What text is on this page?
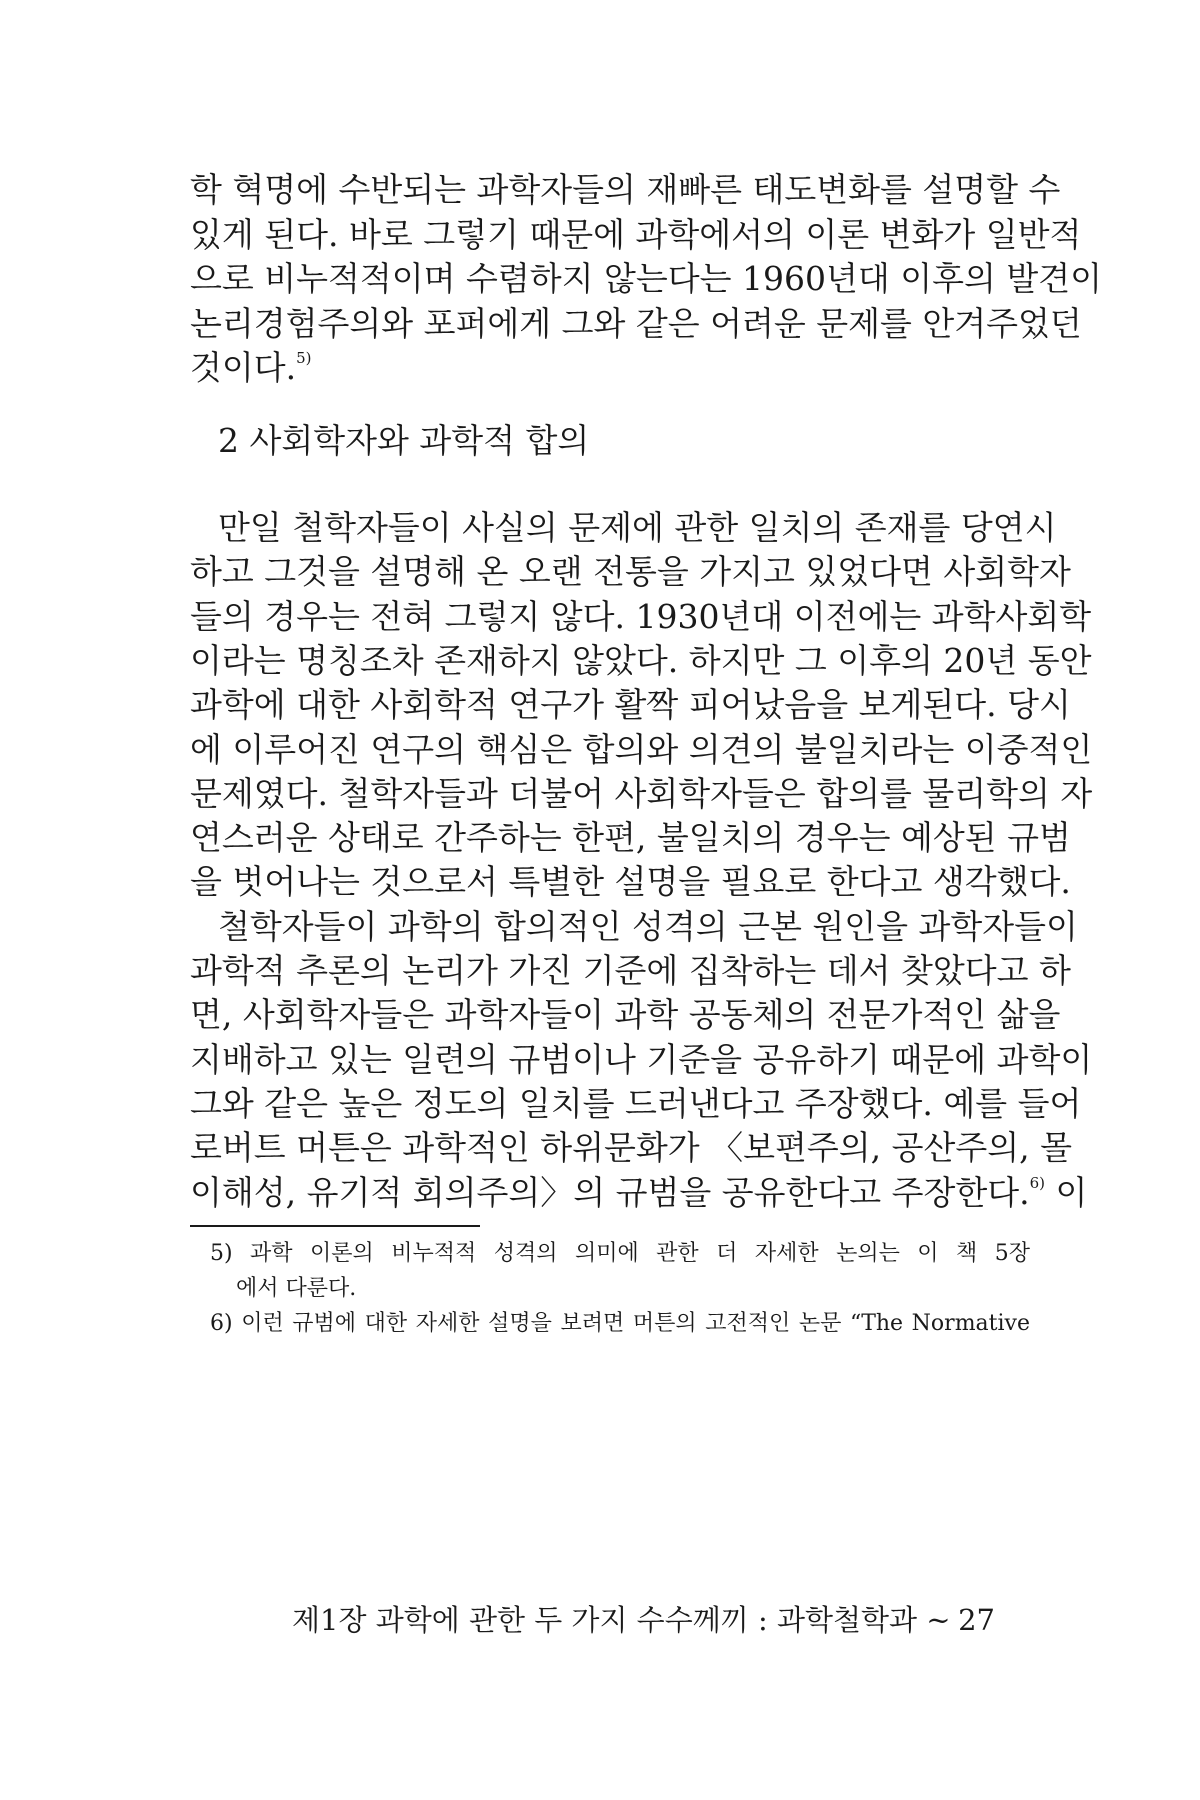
학 혁명에 수반되는 과학자들의 재빠른 태도변화를 설명할 수
있게 된다. 바로 그렇기 때문에 과학에서의 이론 변화가 일반적
으로 비누적적이며 수렴하지 않는다는 1960년대 이후의 발견이
논리경험주의와 포퍼에게 그와 같은 어려운 문제를 안겨주었던
것이다.$^{5)}$
2 사회학자와 과학적 합의
만일 철학자들이 사실의 문제에 관한 일치의 존재를 당연시
하고 그것을 설명해 온 오랜 전통을 가지고 있었다면 사회학자
들의 경우는 전혀 그렇지 않다. 1930년대 이전에는 과학사회학
이라는 명칭조차 존재하지 않았다. 하지만 그 이후의 20년 동안
과학에 대한 사회학적 연구가 활짝 피어났음을 보게된다. 당시
에 이루어진 연구의 핵심은 합의와 의견의 불일치라는 이중적인
문제였다. 철학자들과 더불어 사회학자들은 합의를 물리학의 자
연스러운 상태로 간주하는 한편, 불일치의 경우는 예상된 규범
을 벗어나는 것으로서 특별한 설명을 필요로 한다고 생각했다.
철학자들이 과학의 합의적인 성격의 근본 원인을 과학자들이
과학적 추론의 논리가 가진 기준에 집착하는 데서 찾았다고 하
면, 사회학자들은 과학자들이 과학 공동체의 전문가적인 삶을
지배하고 있는 일련의 규범이나 기준을 공유하기 때문에 과학이
그와 같은 높은 정도의 일치를 드러낸다고 주장했다. 예를 들어
5) 과학 이론의 비누적적 성격의 의미에 관한 더 자세한 논의는 이 책 5장
에서 다룬다.
6) 이런 규범에 대한 자세한 설명을 보려면 머튼의 고전적인 논문 “The Normative
제1장 과학에 관한 두 가지 수수께끼 : 과학철학과 ~ 27
로버트 머튼은 과학적인 하위문화가 〈보편주의, 공산주의, 몰
이해성, 유기적 회의주의〉의 규범을 공유한다고 주장한다.$^{6)}$ 이
